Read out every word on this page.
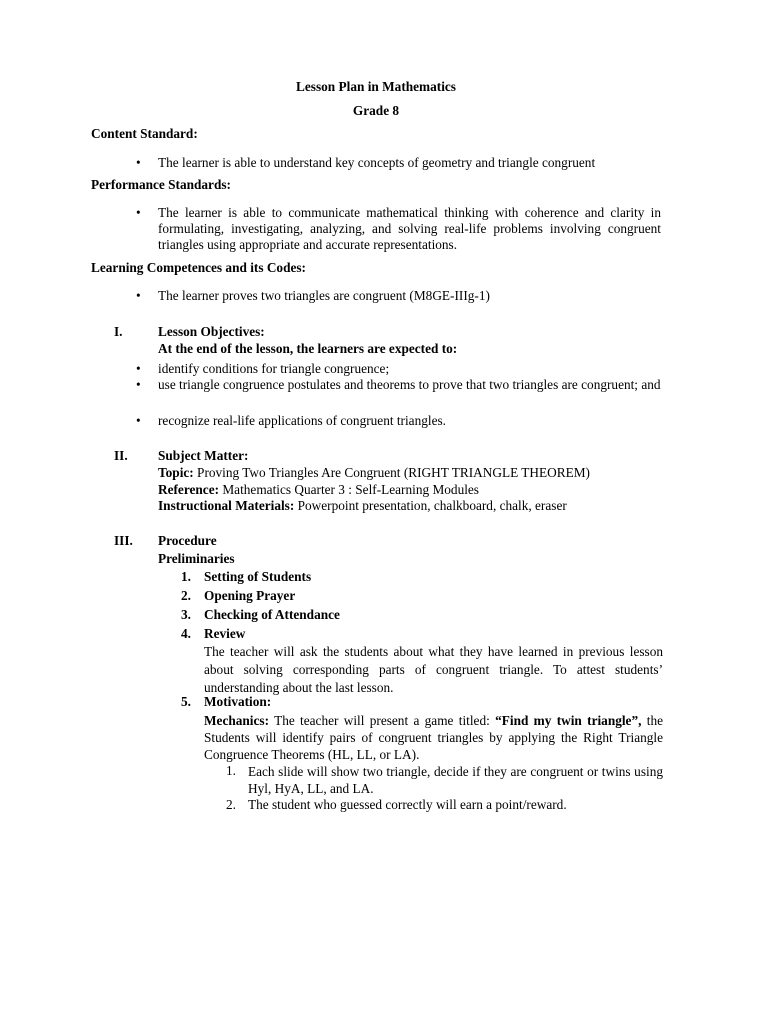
Lesson Plan in Mathematics
Grade 8
Content Standard:
• The learner is able to understand key concepts of geometry and triangle congruent
Performance Standards:
• The learner is able to communicate mathematical thinking with coherence and clarity in formulating, investigating, analyzing, and solving real-life problems involving congruent triangles using appropriate and accurate representations.
Learning Competences and its Codes:
• The learner proves two triangles are congruent (M8GE-IIIg-1)
I.	Lesson Objectives:
At the end of the lesson, the learners are expected to:
• identify conditions for triangle congruence;
• use triangle congruence postulates and theorems to prove that two triangles are congruent; and
• recognize real-life applications of congruent triangles.
II. Subject Matter:
Topic: Proving Two Triangles Are Congruent (RIGHT TRIANGLE THEOREM)
Reference: Mathematics Quarter 3 : Self-Learning Modules
Instructional Materials: Powerpoint presentation, chalkboard, chalk, eraser
III. Procedure
Preliminaries
1. Setting of Students
2. Opening Prayer
3. Checking of Attendance
4. Review
The teacher will ask the students about what they have learned in previous lesson about solving corresponding parts of congruent triangle. To attest students’ understanding about the last lesson.
5. Motivation:
Mechanics: The teacher will present a game titled: “Find my twin triangle”, the Students will identify pairs of congruent triangles by applying the Right Triangle Congruence Theorems (HL, LL, or LA).
1. Each slide will show two triangle, decide if they are congruent or twins using Hyl, HyA, LL, and LA.
2. The student who guessed correctly will earn a point/reward.
